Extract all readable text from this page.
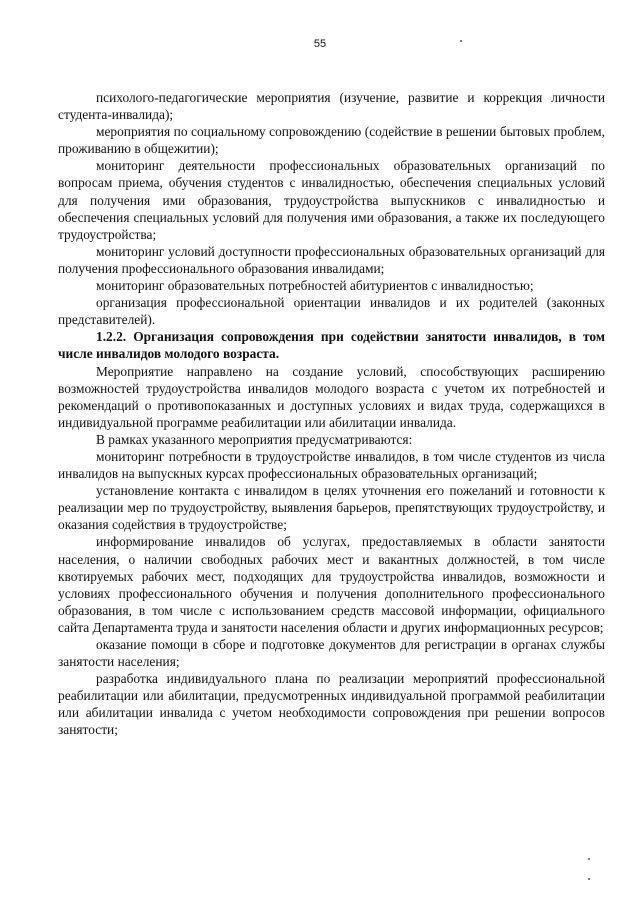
55

психолого-педагогические мероприятия (изучение, развитие и коррекция личности студента-инвалида);

мероприятия по социальному сопровождению (содействие в решении бытовых проблем, проживанию в общежитии);

мониторинг деятельности профессиональных образовательных организаций по вопросам приема, обучения студентов с инвалидностью, обеспечения специальных условий для получения ими образования, трудоустройства выпускников с инвалидностью и обеспечения специальных условий для получения ими образования, а также их последующего трудоустройства;

мониторинг условий доступности профессиональных образовательных организаций для получения профессионального образования инвалидами;

мониторинг образовательных потребностей абитуриентов с инвалидностью;

организация профессиональной ориентации инвалидов и их родителей (законных представителей).

1.2.2. Организация сопровождения при содействии занятости инвалидов, в том числе инвалидов молодого возраста.

Мероприятие направлено на создание условий, способствующих расширению возможностей трудоустройства инвалидов молодого возраста с учетом их потребностей и рекомендаций о противопоказанных и доступных условиях и видах труда, содержащихся в индивидуальной программе реабилитации или абилитации инвалида.

В рамках указанного мероприятия предусматриваются:

мониторинг потребности в трудоустройстве инвалидов, в том числе студентов из числа инвалидов на выпускных курсах профессиональных образовательных организаций;

установление контакта с инвалидом в целях уточнения его пожеланий и готовности к реализации мер по трудоустройству, выявления барьеров, препятствующих трудоустройству, и оказания содействия в трудоустройстве;

информирование инвалидов об услугах, предоставляемых в области занятости населения, о наличии свободных рабочих мест и вакантных должностей, в том числе квотируемых рабочих мест, подходящих для трудоустройства инвалидов, возможности и условиях профессионального обучения и получения дополнительного профессионального образования, в том числе с использованием средств массовой информации, официального сайта Департамента труда и занятости населения области и других информационных ресурсов;

оказание помощи в сборе и подготовке документов для регистрации в органах службы занятости населения;

разработка индивидуального плана по реализации мероприятий профессиональной реабилитации или абилитации, предусмотренных индивидуальной программой реабилитации или абилитации инвалида с учетом необходимости сопровождения при решении вопросов занятости;
